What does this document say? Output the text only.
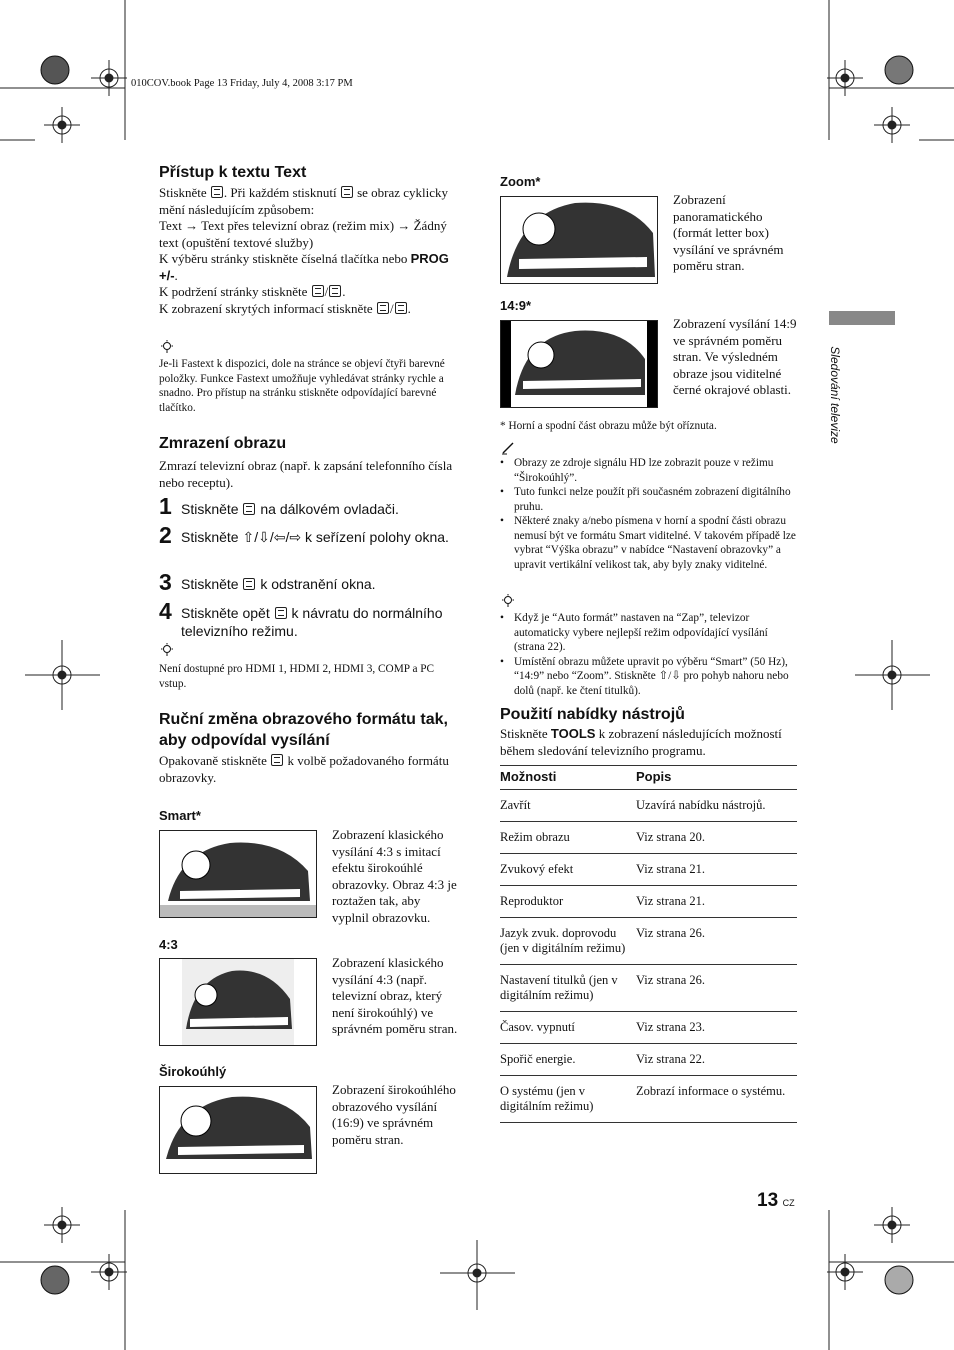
010COV.book Page 13 Friday, July 4, 2008 3:17 PM
Sledování televize
Přístup k textu Text
Stiskněte . Při každém stisknutí  se obraz cyklicky mění následujícím způsobem:
Text → Text přes televizní obraz (režim mix) → Žádný text (opuštění textové služby)
K výběru stránky stiskněte číselná tlačítka nebo PROG +/-.
K podržení stránky stiskněte / .
K zobrazení skrytých informací stiskněte / .
Je-li Fastext k dispozici, dole na stránce se objeví čtyři barevné položky. Funkce Fastext umožňuje vyhledávat stránky rychle a snadno. Pro přístup na stránku stiskněte odpovídající barevné tlačítko.
Zmrazení obrazu
Zmrazí televizní obraz (např. k zapsání telefonního čísla nebo receptu).
1 Stiskněte  na dálkovém ovladači.
2 Stiskněte ⇧/⇩/⇦/⇨ k seřízení polohy okna.
3 Stiskněte  k odstranění okna.
4 Stiskněte opět  k návratu do normálního televizního režimu.
Není dostupné pro HDMI 1, HDMI 2, HDMI 3, COMP a PC vstup.
Ruční změna obrazového formátu tak, aby odpovídal vysílání
Opakovaně stiskněte  k volbě požadovaného formátu obrazovky.
Smart*
Zobrazení klasického vysílání 4:3 s imitací efektu širokoúhlé obrazovky. Obraz 4:3 je roztažen tak, aby vyplnil obrazovku.
4:3
Zobrazení klasického vysílání 4:3 (např. televizní obraz, který není širokoúhlý) ve správném poměru stran.
Širokoúhlý
Zobrazení širokoúhlého obrazového vysílání (16:9) ve správném poměru stran.
Zoom*
Zobrazení panoramatického (formát letter box) vysílání ve správném poměru stran.
14:9*
Zobrazení vysílání 14:9 ve správném poměru stran. Ve výsledném obraze jsou viditelné černé okrajové oblasti.
* Horní a spodní část obrazu může být oříznuta.
• Obrazy ze zdroje signálu HD lze zobrazit pouze v režimu “Širokoúhlý”.
• Tuto funkci nelze použít při současném zobrazení digitálního pruhu.
• Některé znaky a/nebo písmena v horní a spodní části obrazu nemusí být ve formátu Smart viditelné. V takovém případě lze vybrat “Výška obrazu” v nabídce “Nastavení obrazovky” a upravit vertikální velikost tak, aby byly znaky viditelné.
• Když je “Auto formát” nastaven na “Zap”, televizor automaticky vybere nejlepší režim odpovídající vysílání (strana 22).
• Umístění obrazu můžete upravit po výběru “Smart” (50 Hz), “14:9” nebo “Zoom”. Stiskněte ⇧/⇩ pro pohyb nahoru nebo dolů (např. ke čtení titulků).
Použití nabídky nástrojů
Stiskněte TOOLS k zobrazení následujících možností během sledování televizního programu.
Možnosti	Popis
Zavřít	Uzavírá nabídku nástrojů.
Režim obrazu	Viz strana 20.
Zvukový efekt	Viz strana 21.
Reproduktor	Viz strana 21.
Jazyk zvuk. doprovodu (jen v digitálním režimu)	Viz strana 26.
Nastavení titulků (jen v digitálním režimu)	Viz strana 26.
Časov. vypnutí	Viz strana 23.
Spořič energie.	Viz strana 22.
O systému (jen v digitálním režimu)	Zobrazí informace o systému.
13 CZ
